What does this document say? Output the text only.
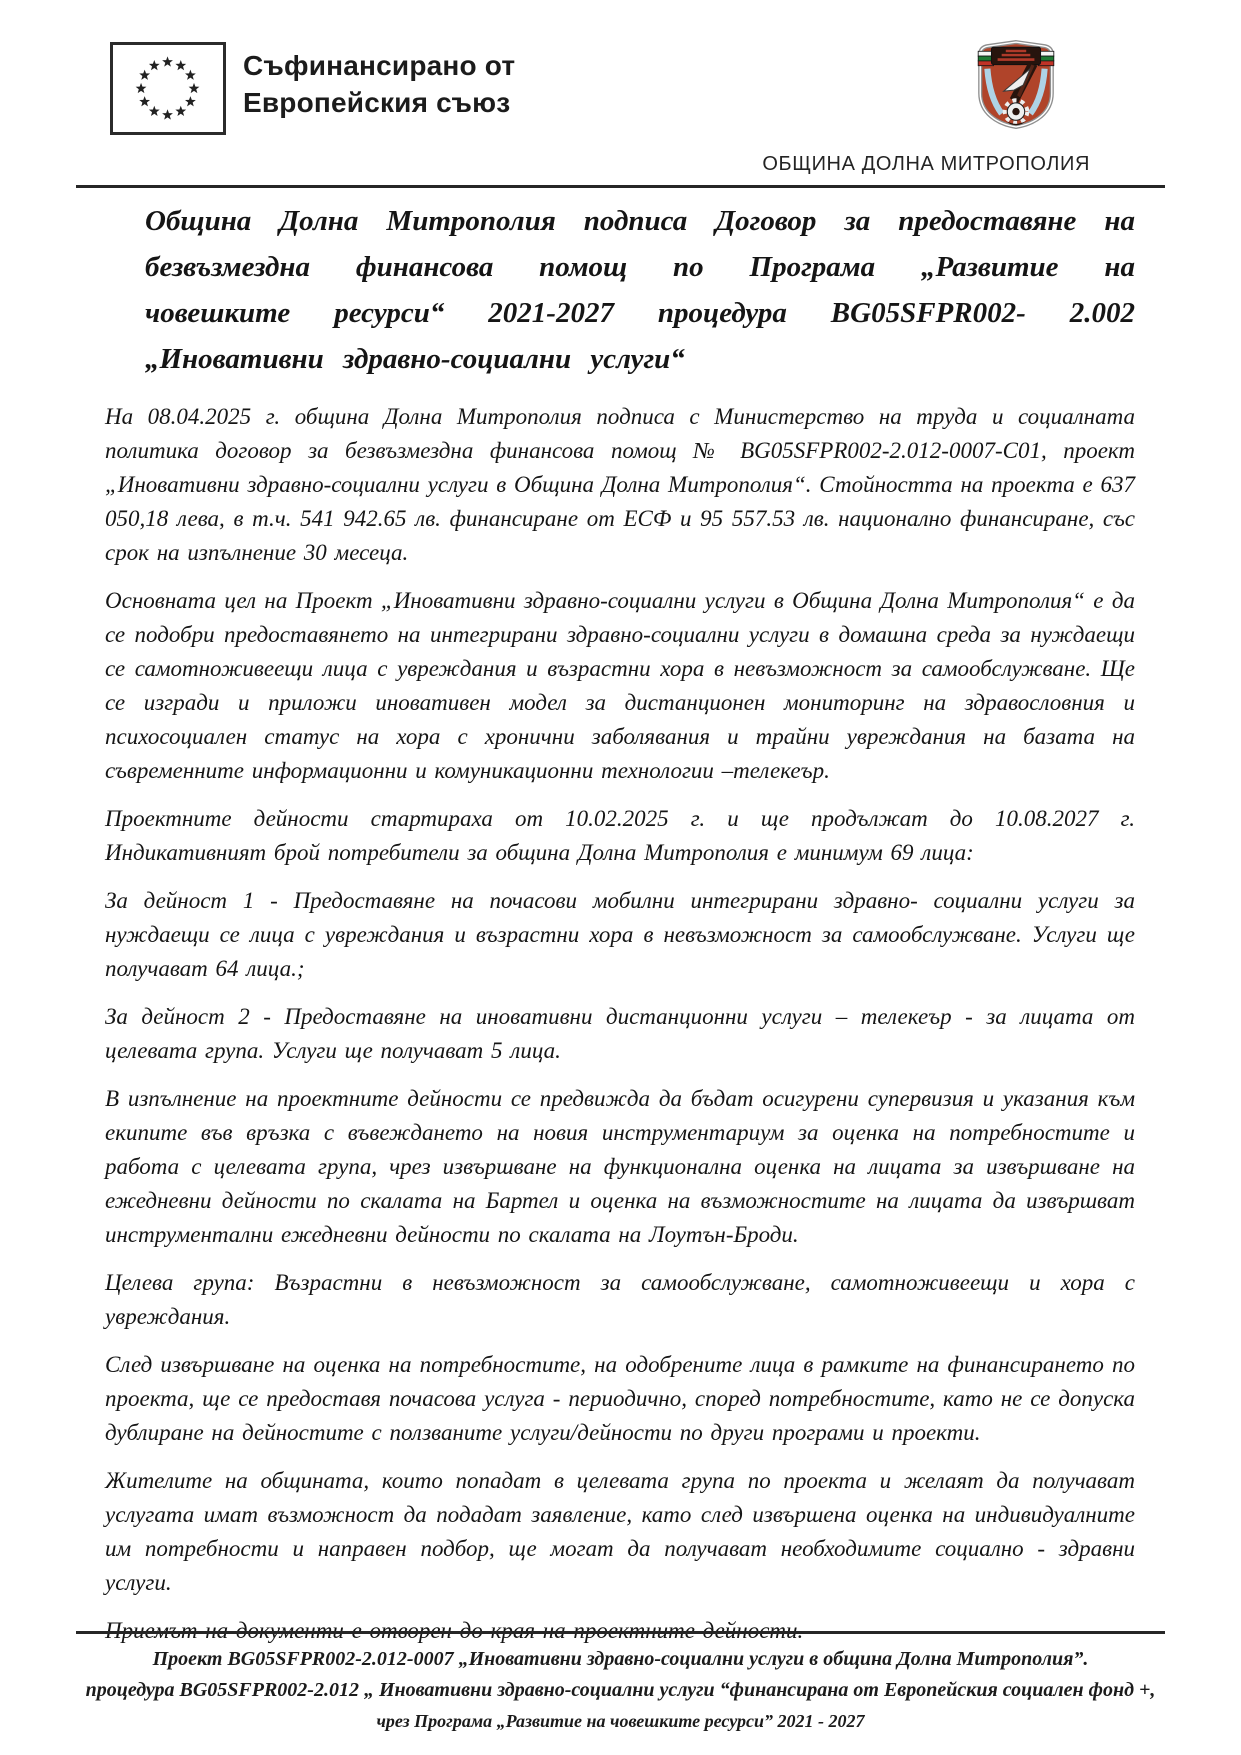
Съфинансирано от
Европейския съюз
ОБЩИНА ДОЛНА МИТРОПОЛИЯ

Община Долна Митрополия подписа Договор за предоставяне на безвъзмездна финансова помощ по Програма „Развитие на човешките ресурси“ 2021-2027 процедура BG05SFPR002- 2.002 „Иновативни здравно-социални услуги“

На 08.04.2025 г. община Долна Митрополия подписа с Министерство на труда и социалната политика договор за безвъзмездна финансова помощ № BG05SFPR002-2.012-0007-C01, проект „Иновативни здравно-социални услуги в Община Долна Митрополия“. Стойността на проекта е 637 050,18 лева, в т.ч. 541 942.65 лв. финансиране от ЕСФ и 95 557.53 лв. национално финансиране, със срок на изпълнение 30 месеца.

Основната цел на Проект „Иновативни здравно-социални услуги в Община Долна Митрополия“ е да се подобри предоставянето на интегрирани здравно-социални услуги в домашна среда за нуждаещи се самотноживеещи лица с увреждания и възрастни хора в невъзможност за самообслужване. Ще се изгради и приложи иновативен модел за дистанционен мониторинг на здравословния и психосоциален статус на хора с хронични заболявания и трайни увреждания на базата на съвременните информационни и комуникационни технологии –телекеър.

Проектните дейности стартираха от 10.02.2025 г. и ще продължат до 10.08.2027 г. Индикативният брой потребители за община Долна Митрополия е минимум 69 лица:

За дейност 1 - Предоставяне на почасови мобилни интегрирани здравно- социални услуги за нуждаещи се лица с увреждания и възрастни хора в невъзможност за самообслужване. Услуги ще получават 64 лица.;

За дейност 2 - Предоставяне на иновативни дистанционни услуги – телекеър - за лицата от целевата група. Услуги ще получават 5 лица.

В изпълнение на проектните дейности се предвижда да бъдат осигурени супервизия и указания към екипите във връзка с въвеждането на новия инструментариум за оценка на потребностите и работа с целевата група, чрез извършване на функционална оценка на лицата за извършване на ежедневни дейности по скалата на Бартел и оценка на възможностите на лицата да извършват инструментални ежедневни дейности по скалата на Лоутън-Броди.

Целева група: Възрастни в невъзможност за самообслужване, самотноживеещи и хора с увреждания.

След извършване на оценка на потребностите, на одобрените лица в рамките на финансирането по проекта, ще се предоставя почасова услуга - периодично, според потребностите, като не се допуска дублиране на дейностите с ползваните услуги/дейности по други програми и проекти.

Жителите на общината, които попадат в целевата група по проекта и желаят да получават услугата имат възможност да подадат заявление, като след извършена оценка на индивидуалните им потребности и направен подбор, ще могат да получават необходимите социално - здравни услуги.

Приемът на документи е отворен до края на проектните дейности.

Проект BG05SFPR002-2.012-0007 „Иновативни здравно-социални услуги в община Долна Митрополия”.
процедура BG05SFPR002-2.012 „ Иновативни здравно-социални услуги “финансирана от Европейския социален фонд +,
чрез Програма „Развитие на човешките ресурси” 2021 - 2027
